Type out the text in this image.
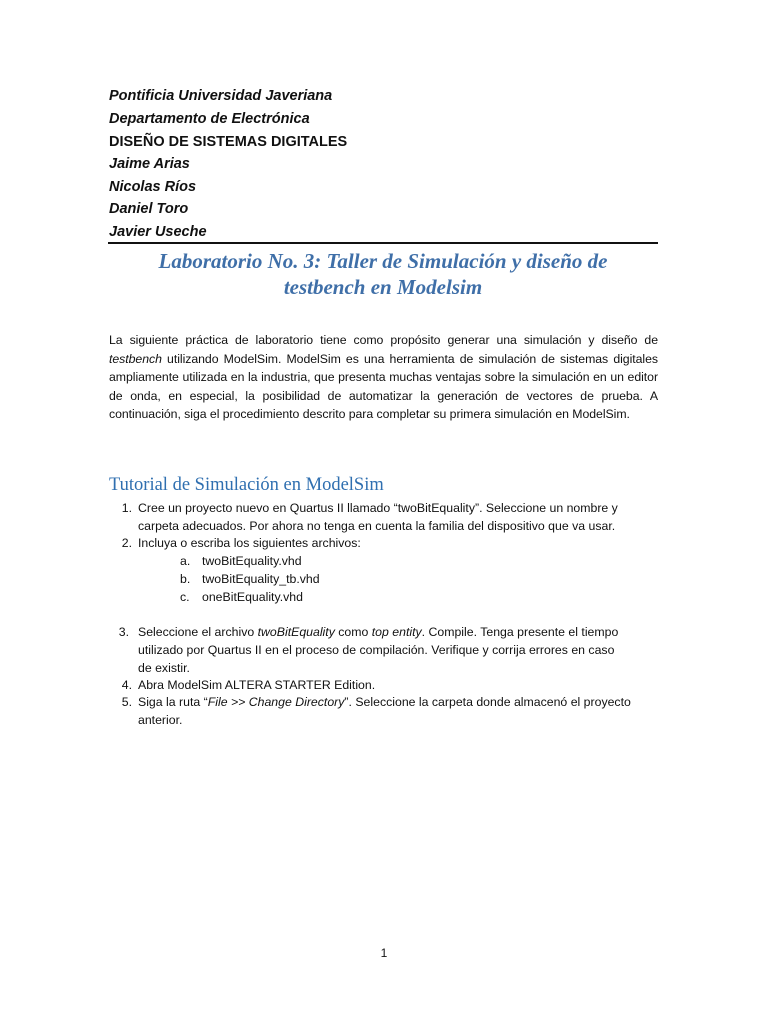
Pontificia Universidad Javeriana
Departamento de Electrónica
DISEÑO DE SISTEMAS DIGITALES
Jaime Arias
Nicolas Ríos
Daniel Toro
Javier Useche
Laboratorio No. 3: Taller de Simulación y diseño de
testbench en Modelsim
La siguiente práctica de laboratorio tiene como propósito generar una simulación y diseño de testbench utilizando ModelSim. ModelSim es una herramienta de simulación de sistemas digitales ampliamente utilizada en la industria, que presenta muchas ventajas sobre la simulación en un editor de onda, en especial, la posibilidad de automatizar la generación de vectores de prueba. A continuación, siga el procedimiento descrito para completar su primera simulación en ModelSim.
Tutorial de Simulación en ModelSim
1. Cree un proyecto nuevo en Quartus II llamado “twoBitEquality”. Seleccione un nombre y
carpeta adecuados. Por ahora no tenga en cuenta la familia del dispositivo que va usar.
2. Incluya o escriba los siguientes archivos:
a. twoBitEquality.vhd
b. twoBitEquality_tb.vhd
c. oneBitEquality.vhd
3. Seleccione el archivo twoBitEquality como top entity. Compile. Tenga presente el tiempo
utilizado por Quartus II en el proceso de compilación. Verifique y corrija errores en caso
de existir.
4. Abra ModelSim ALTERA STARTER Edition.
5. Siga la ruta “File >> Change Directory”. Seleccione la carpeta donde almacenó el proyecto
anterior.
1
